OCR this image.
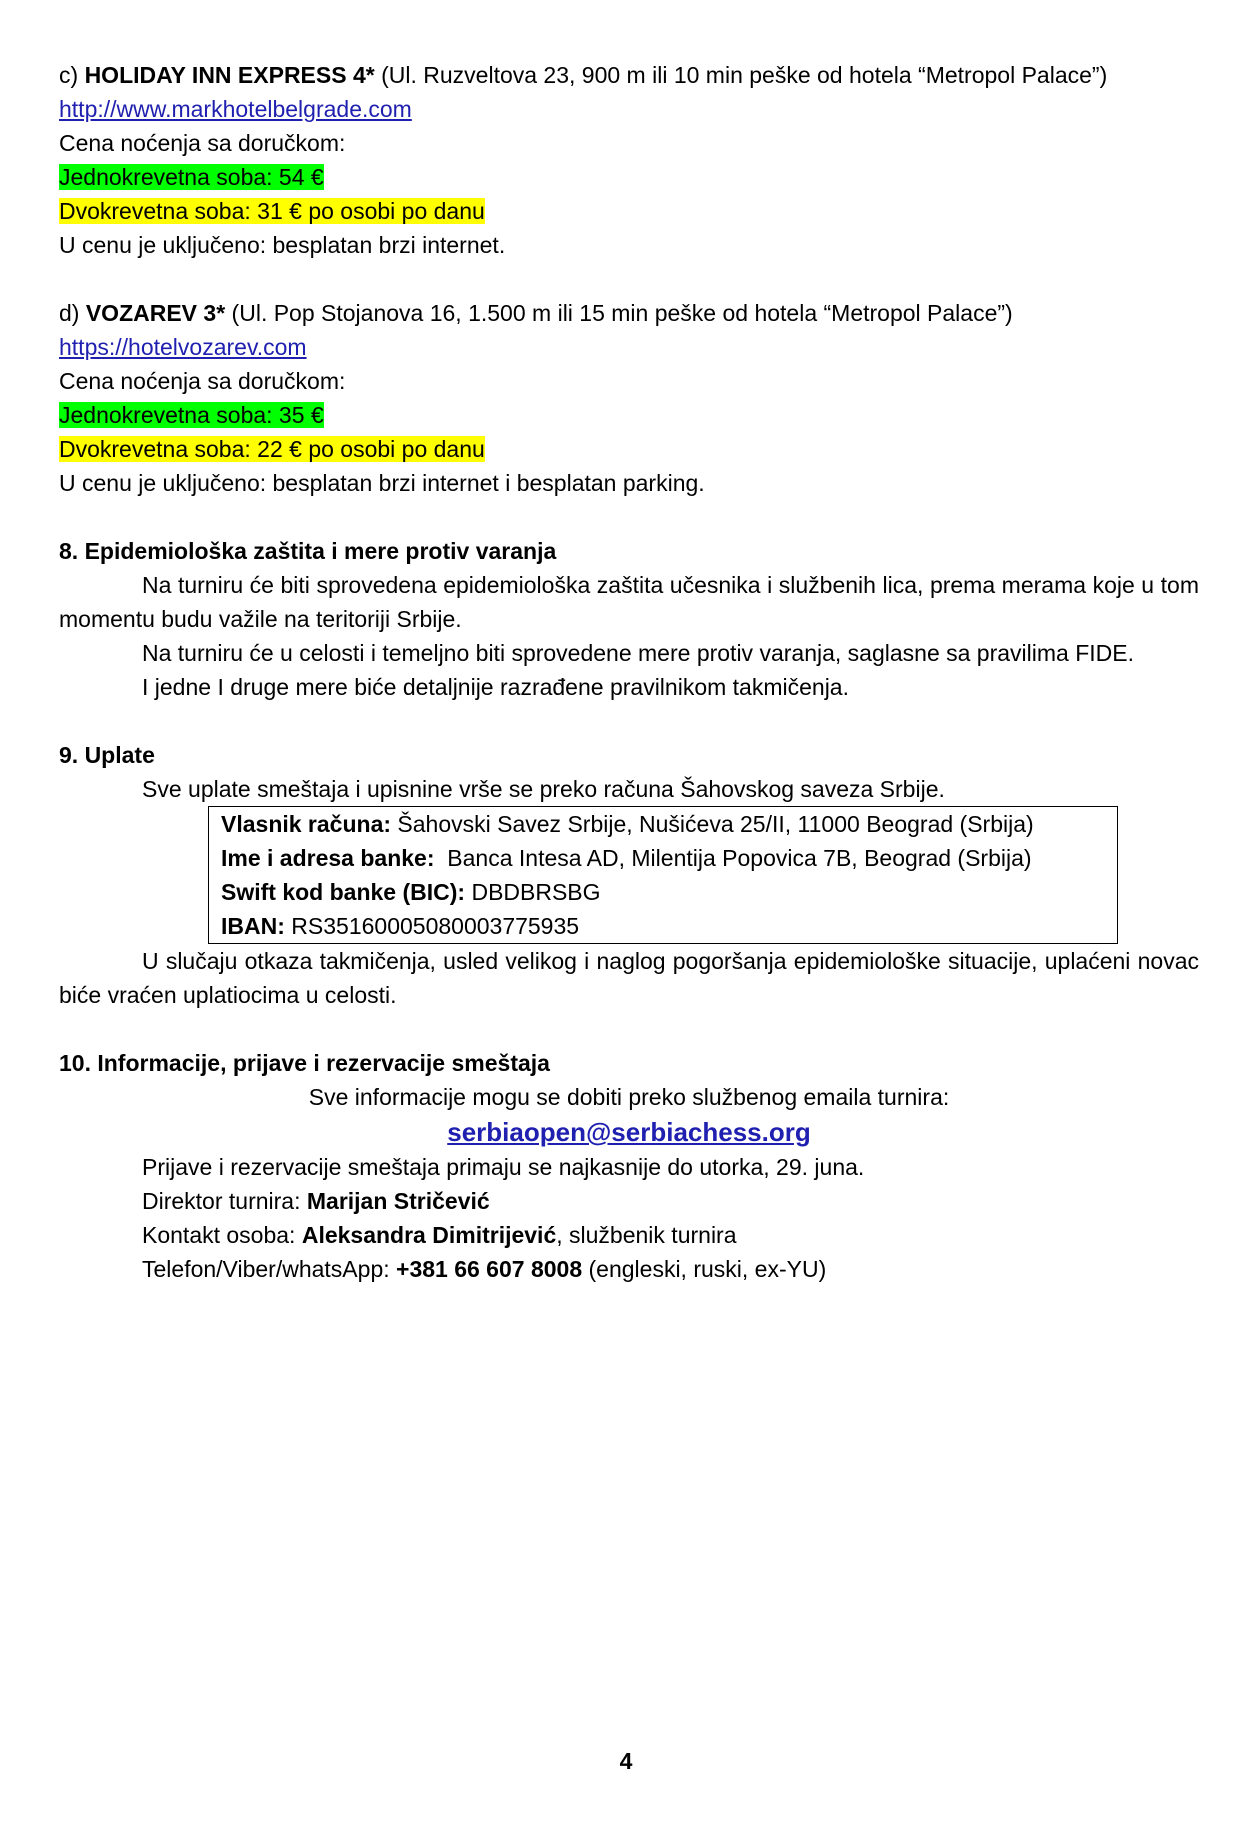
c) HOLIDAY INN EXPRESS 4* (Ul. Ruzveltova 23, 900 m ili 10 min peške od hotela “Metropol Palace”)
http://www.markhotelbelgrade.com
Cena noćenja sa doručkom:
Jednokrevetna soba: 54 €
Dvokrevetna soba: 31 € po osobi po danu
U cenu je uključeno: besplatan brzi internet.
d) VOZAREV 3* (Ul. Pop Stojanova 16, 1.500 m ili 15 min peške od hotela “Metropol Palace”)
https://hotelvozarev.com
Cena noćenja sa doručkom:
Jednokrevetna soba: 35 €
Dvokrevetna soba: 22 € po osobi po danu
U cenu je uključeno: besplatan brzi internet i besplatan parking.
8. Epidemiološka zaštita i mere protiv varanja
Na turniru će biti sprovedena epidemiološka zaštita učesnika i službenih lica, prema merama koje u tom momentu budu važile na teritoriji Srbije.
Na turniru će u celosti i temeljno biti sprovedene mere protiv varanja, saglasne sa pravilima FIDE.
I jedne I druge mere biće detaljnije razrađene pravilnikom takmičenja.
9. Uplate
Sve uplate smeštaja i upisnine vrše se preko računa Šahovskog saveza Srbije.
Vlasnik računa: Šahovski Savez Srbije, Nušićeva 25/II, 11000 Beograd (Srbija)
Ime i adresa banke:  Banca Intesa AD, Milentija Popovica 7B, Beograd (Srbija)
Swift kod banke (BIC): DBDBRSBG
IBAN: RS35160005080003775935
U slučaju otkaza takmičenja, usled velikog i naglog pogoršanja epidemiološke situacije, uplaćeni novac biće vraćen uplatiocima u celosti.
10. Informacije, prijave i rezervacije smeštaja
Sve informacije mogu se dobiti preko službenog emaila turnira:
serbiaopen@serbiachess.org
Prijave i rezervacije smeštaja primaju se najkasnije do utorka, 29. juna.
Direktor turnira: Marijan Stričević
Kontakt osoba: Aleksandra Dimitrijević, službenik turnira
Telefon/Viber/whatsApp: +381 66 607 8008 (engleski, ruski, ex-YU)
4
